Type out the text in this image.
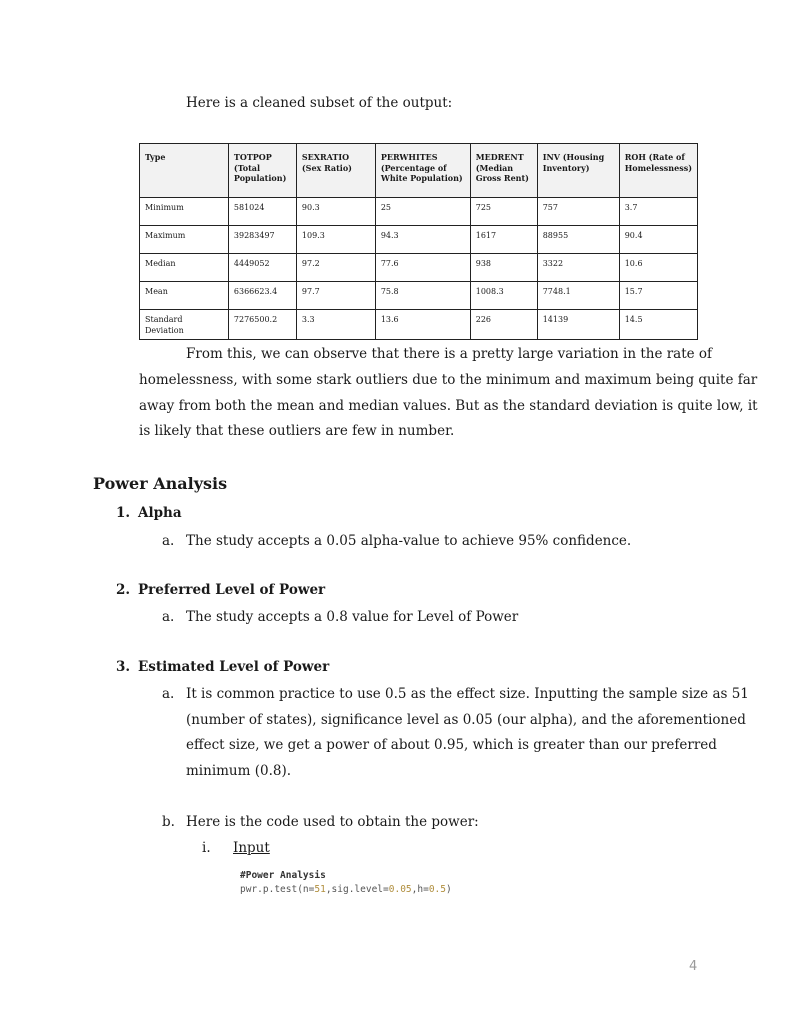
Here is a cleaned subset of the output:
Type	TOTPOP (Total Population)	SEXRATIO (Sex Ratio)	PERWHITES (Percentage of White Population)	MEDRENT (Median Gross Rent)	INV (Housing Inventory)	ROH (Rate of Homelessness)
Minimum	581024	90.3	25	725	757	3.7
Maximum	39283497	109.3	94.3	1617	88955	90.4
Median	4449052	97.2	77.6	938	3322	10.6
Mean	6366623.4	97.7	75.8	1008.3	7748.1	15.7
Standard Deviation	7276500.2	3.3	13.6	226	14139	14.5
From this, we can observe that there is a pretty large variation in the rate of
homelessness, with some stark outliers due to the minimum and maximum being quite far
away from both the mean and median values. But as the standard deviation is quite low, it
is likely that these outliers are few in number.
Power Analysis
1. Alpha
a. The study accepts a 0.05 alpha-value to achieve 95% confidence.
2. Preferred Level of Power
a. The study accepts a 0.8 value for Level of Power
3. Estimated Level of Power
a. It is common practice to use 0.5 as the effect size. Inputting the sample size as 51
(number of states), significance level as 0.05 (our alpha), and the aforementioned
effect size, we get a power of about 0.95, which is greater than our preferred
minimum (0.8).
b. Here is the code used to obtain the power:
i. Input
#Power Analysis
pwr.p.test(n=51,sig.level=0.05,h=0.5)
4
